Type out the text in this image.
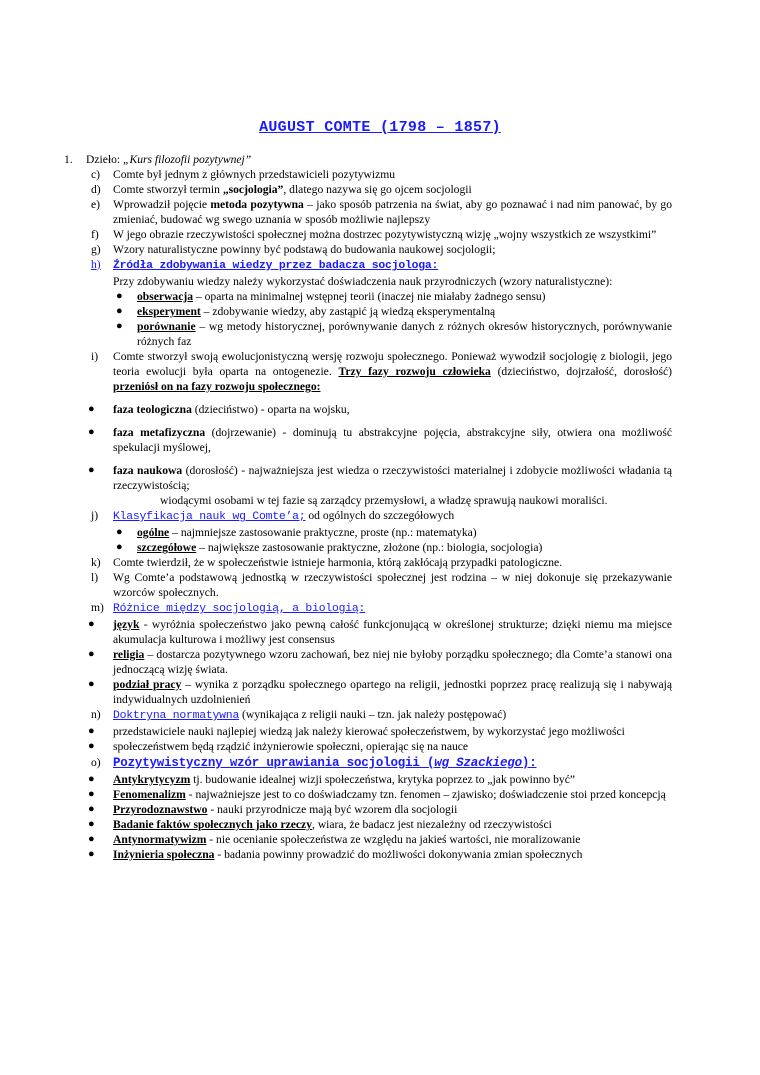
AUGUST COMTE (1798 – 1857)
1. Dzieło: „Kurs filozofii pozytywnej”
c) Comte był jednym z głównych przedstawicieli pozytywizmu
d) Comte stworzył termin „socjologia”, dlatego nazywa się go ojcem socjologii
e) Wprowadził pojęcie metoda pozytywna – jako sposób patrzenia na świat, aby go poznawać i nad nim panować, by go zmieniać, budować wg swego uznania w sposób możliwie najlepszy
f) W jego obrazie rzeczywistości społecznej można dostrzec pozytywistyczną wizję „wojny wszystkich ze wszystkimi”
g) Wzory naturalistyczne powinny być podstawą do budowania naukowej socjologii;
h) Źródła zdobywania wiedzy przez badacza socjologa:
Przy zdobywaniu wiedzy należy wykorzystać doświadczenia nauk przyrodniczych (wzory naturalistyczne):
● obserwacja – oparta na minimalnej wstępnej teorii (inaczej nie miałaby żadnego sensu)
● eksperyment – zdobywanie wiedzy, aby zastąpić ją wiedzą eksperymentalną
● porównanie – wg metody historycznej, porównywanie danych z różnych okresów historycznych, porównywanie różnych faz
i) Comte stworzył swoją ewolucjonistyczną wersję rozwoju społecznego. Ponieważ wywodził socjologię z biologii, jego teoria ewolucji była oparta na ontogenezie. Trzy fazy rozwoju człowieka (dzieciństwo, dojrzałość, dorosłość) przeniósł on na fazy rozwoju społecznego:
● faza teologiczna (dzieciństwo) - oparta na wojsku,
● faza metafizyczna (dojrzewanie) - dominują tu abstrakcyjne pojęcia, abstrakcyjne siły, otwiera ona możliwość spekulacji myślowej,
● faza naukowa (dorosłość) - najważniejsza jest wiedza o rzeczywistości materialnej i zdobycie możliwości władania tą rzeczywistością;
wiodącymi osobami w tej fazie są zarządcy przemysłowi, a władzę sprawują naukowi moraliści.
j) Klasyfikacja nauk wg Comte’a; od ogólnych do szczegółowych
● ogólne – najmniejsze zastosowanie praktyczne, proste (np.: matematyka)
● szczegółowe – największe zastosowanie praktyczne, złożone (np.: biologia, socjologia)
k) Comte twierdził, że w społeczeństwie istnieje harmonia, którą zakłócają przypadki patologiczne.
l) Wg Comte’a podstawową jednostką w rzeczywistości społecznej jest rodzina – w niej dokonuje się przekazywanie wzorców społecznych.
m) Różnice między socjologią, a biologią:
● język - wyróżnia społeczeństwo jako pewną całość funkcjonującą w określonej strukturze; dzięki niemu ma miejsce akumulacja kulturowa i możliwy jest consensus
● religia – dostarcza pozytywnego wzoru zachowań, bez niej nie byłoby porządku społecznego; dla Comte’a stanowi ona jednoczącą wizję świata.
● podział pracy – wynika z porządku społecznego opartego na religii, jednostki poprzez pracę realizują się i nabywają indywidualnych uzdolnienień
n) Doktryna normatywna (wynikająca z religii nauki – tzn. jak należy postępować)
● przedstawiciele nauki najlepiej wiedzą jak należy kierować społeczeństwem, by wykorzystać jego możliwości
● społeczeństwem będą rządzić inżynierowie społeczni, opierając się na nauce
o) Pozytywistyczny wzór uprawiania socjologii (wg Szackiego):
● Antykrytycyzm tj. budowanie idealnej wizji społeczeństwa, krytyka poprzez to „jak powinno być”
● Fenomenalizm - najważniejsze jest to co doświadczamy tzn. fenomen – zjawisko; doświadczenie stoi przed koncepcją
● Przyrodoznawstwo - nauki przyrodnicze mają być wzorem dla socjologii
● Badanie faktów społecznych jako rzeczy, wiara, że badacz jest niezależny od rzeczywistości
● Antynormatywizm - nie ocenianie społeczeństwa ze względu na jakieś wartości, nie moralizowanie
● Inżynieria społeczna - badania powinny prowadzić do możliwości dokonywania zmian społecznych
